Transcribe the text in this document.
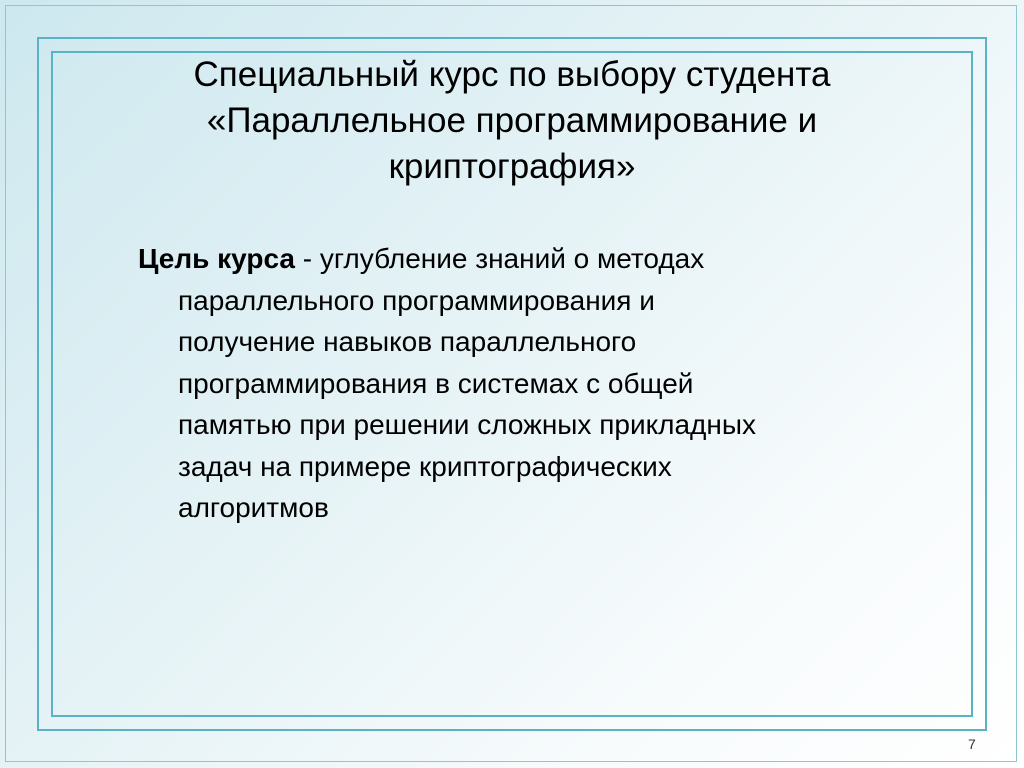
Специальный курс по выбору студента
«Параллельное программирование и
криптография»
Цель курса - углубление знаний о методах
параллельного программирования и
получение навыков параллельного
программирования в системах с общей
памятью при решении сложных прикладных
задач на примере криптографических
алгоритмов
7
